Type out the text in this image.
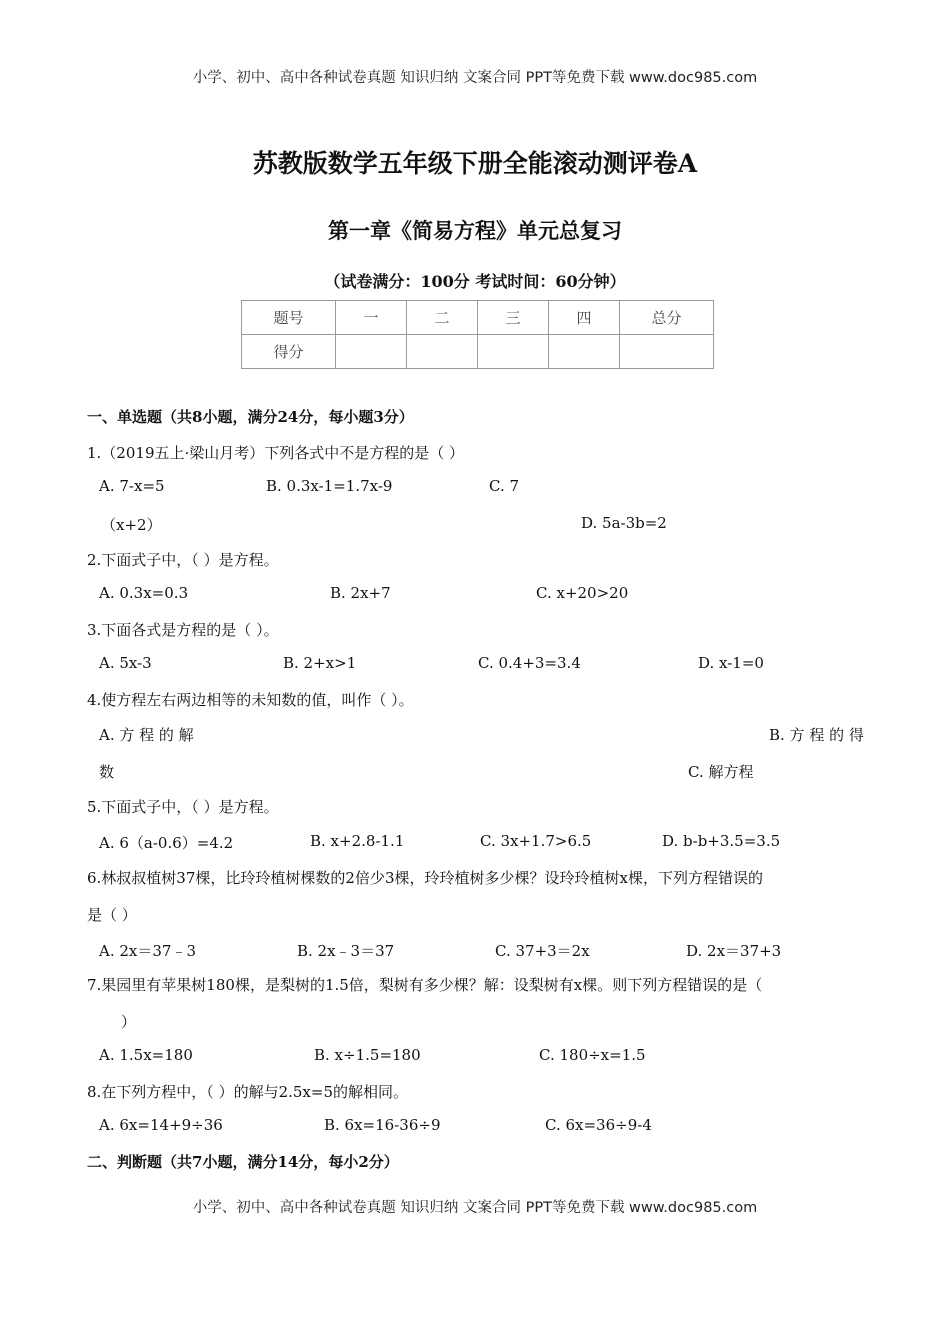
小学、初中、高中各种试卷真题 知识归纳 文案合同 PPT等免费下载 www.doc985.com
苏教版数学五年级下册全能滚动测评卷A
第一章《简易方程》单元总复习
（试卷满分：100分 考试时间：60分钟）
题号	一	二	三	四	总分
得分					
一、单选题（共8小题，满分24分，每小题3分）
1.（2019五上·梁山月考）下列各式中不是方程的是（ ）
A. 7-x=5	B. 0.3x-1=1.7x-9	C. 7
（x+2）	D. 5a-3b=2
2.下面式子中，（ ）是方程。
A. 0.3x=0.3	B. 2x+7	C. x+20>20
3.下面各式是方程的是（ ）。
A. 5x-3	B. 2+x>1	C. 0.4+3=3.4	D. x-1=0
4.使方程左右两边相等的未知数的值，叫作（ ）。
A. 方 程 的 解	B. 方 程 的 得
数	C. 解方程
5.下面式子中，（ ）是方程。
A. 6（a-0.6）=4.2	B. x+2.8-1.1	C. 3x+1.7>6.5	D. b-b+3.5=3.5
6.林叔叔植树37棵，比玲玲植树棵数的2倍少3棵，玲玲植树多少棵？设玲玲植树x棵，下列方程错误的
是（ ）
A. 2x＝37﹣3	B. 2x﹣3＝37	C. 37+3＝2x	D. 2x＝37+3
7.果园里有苹果树180棵，是梨树的1.5倍，梨树有多少棵？解：设梨树有x棵。则下列方程错误的是（
）
A. 1.5x=180	B. x÷1.5=180	C. 180÷x=1.5
8.在下列方程中，（ ）的解与2.5x=5的解相同。
A. 6x=14+9÷36	B. 6x=16-36÷9	C. 6x=36÷9-4
二、判断题（共7小题，满分14分，每小2分）
小学、初中、高中各种试卷真题 知识归纳 文案合同 PPT等免费下载 www.doc985.com
